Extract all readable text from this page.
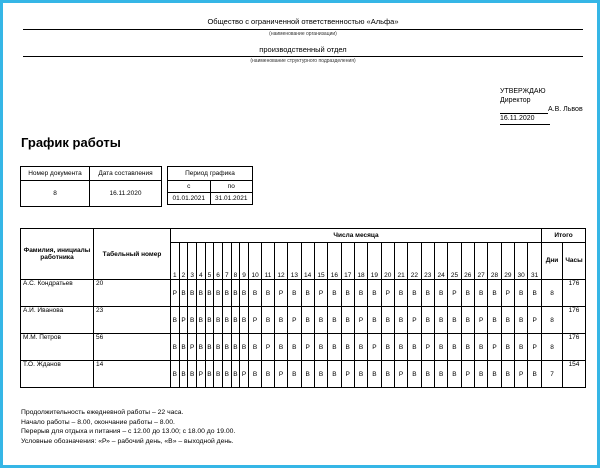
Общество с ограниченной ответственностью «Альфа»
(наименование организации)
производственный отдел
(наименование структурного подразделения)
УТВЕРЖДАЮ
Директор
А.В. Львов
16.11.2020
График работы
Номер документа	Дата составления
8	16.11.2020
Период графика	
с	по
01.01.2021	31.01.2021
Фамилия, инициалы работника	Табельный номер	Числа месяца																															Итого	
		1	2	3	4	5	6	7	8	9	10	11	12	13	14	15	16	17	18	19	20	21	22	23	24	25	26	27	28	29	30	31	Дни	Часы
А.С. Кондратьев	20	Р	В	В	В	В	В	В	В	В	В	В	Р	В	В	Р	В	В	В	В	Р	В	В	В	В	Р	В	В	В	Р	В	В	8	176
А.И. Иванова	23	В	Р	В	В	В	В	В	В	В	Р	В	В	Р	В	В	В	В	Р	В	В	В	Р	В	В	В	В	Р	В	В	В	Р	8	176
М.М. Петров	56	В	В	Р	В	В	В	В	В	В	В	Р	В	В	Р	В	В	В	В	Р	В	В	В	Р	В	В	В	В	Р	В	В	Р	8	176
Т.О. Жданов	14	В	В	В	Р	В	В	В	В	Р	В	В	Р	В	В	В	В	Р	В	В	В	Р	В	В	В	В	Р	В	В	В	Р	В	7	154
Продолжительность ежедневной работы – 22 часа.
Начало работы – 8.00, окончание работы – 8.00.
Перерыв для отдыха и питания – с 12.00 до 13.00; с 18.00 до 19.00.
Условные обозначения: «Р» – рабочий день, «В» – выходной день.
